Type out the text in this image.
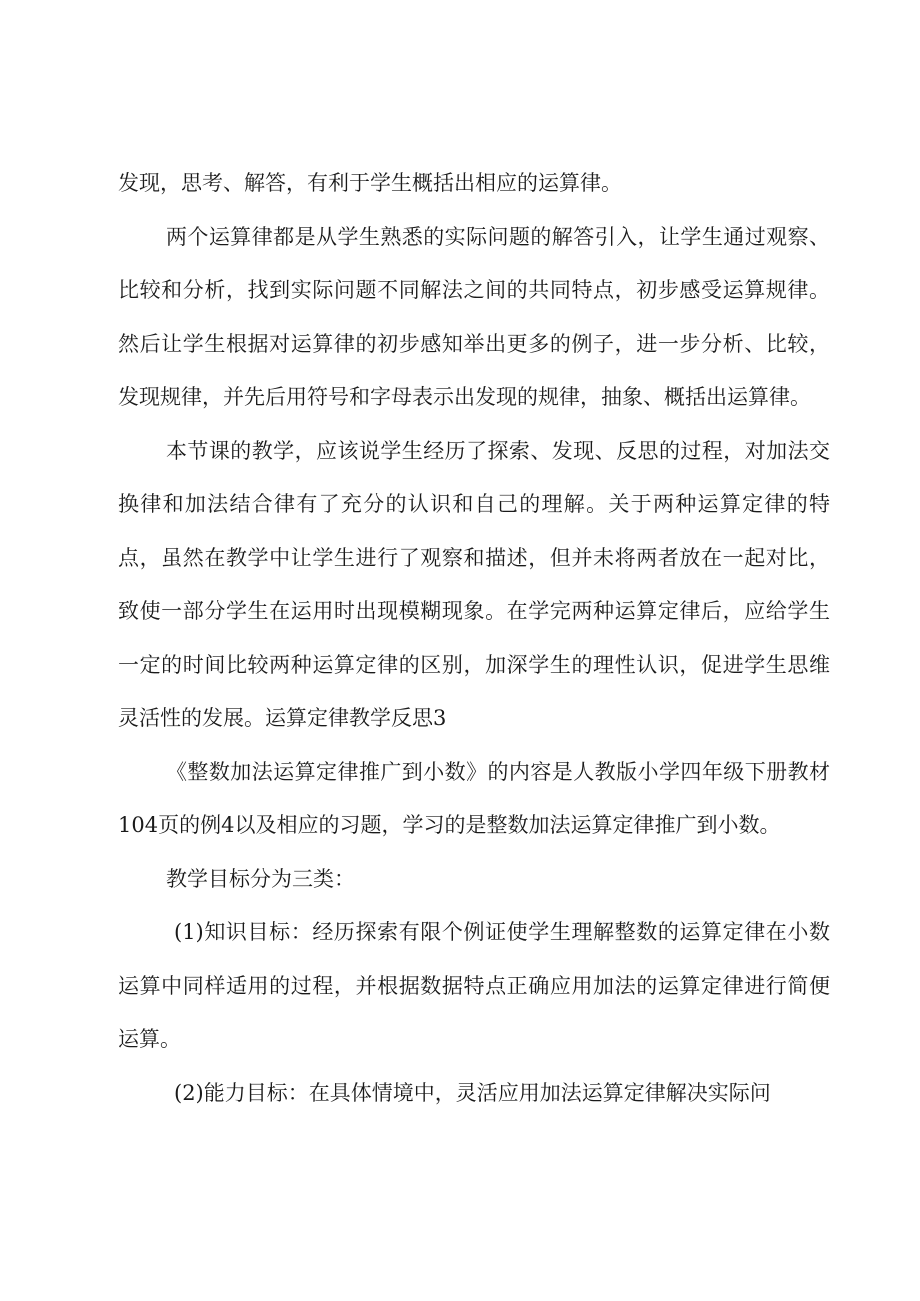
发现，思考、解答，有利于学生概括出相应的运算律。

两个运算律都是从学生熟悉的实际问题的解答引入，让学生通过观察、比较和分析，找到实际问题不同解法之间的共同特点，初步感受运算规律。然后让学生根据对运算律的初步感知举出更多的例子，进一步分析、比较，发现规律，并先后用符号和字母表示出发现的规律，抽象、概括出运算律。

本节课的教学，应该说学生经历了探索、发现、反思的过程，对加法交换律和加法结合律有了充分的认识和自己的理解。关于两种运算定律的特点，虽然在教学中让学生进行了观察和描述，但并未将两者放在一起对比，致使一部分学生在运用时出现模糊现象。在学完两种运算定律后，应给学生一定的时间比较两种运算定律的区别，加深学生的理性认识，促进学生思维灵活性的发展。运算定律教学反思3

《整数加法运算定律推广到小数》的内容是人教版小学四年级下册教材104页的例4以及相应的习题，学习的是整数加法运算定律推广到小数。

教学目标分为三类：

(1)知识目标：经历探索有限个例证使学生理解整数的运算定律在小数运算中同样适用的过程，并根据数据特点正确应用加法的运算定律进行简便运算。

(2)能力目标：在具体情境中，灵活应用加法运算定律解决实际问
